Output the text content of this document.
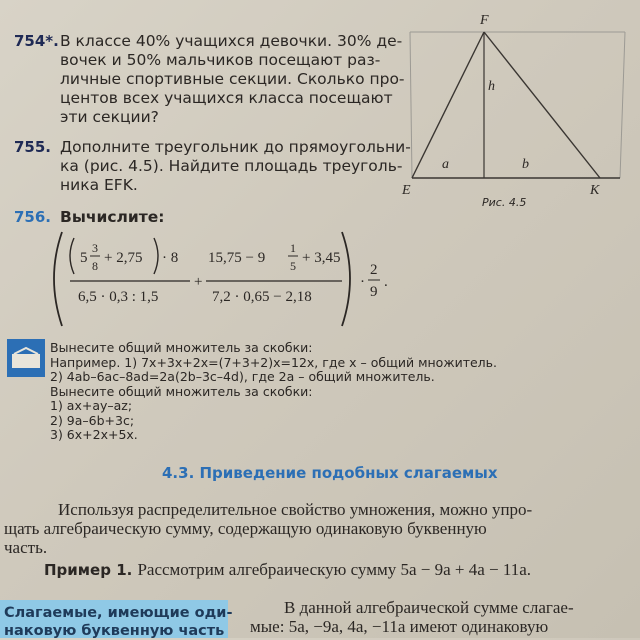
754*. В классе 40% учащихся девочки. 30% де-
вочек и 50% мальчиков посещают раз-
личные спортивные секции. Сколько про-
центов всех учащихся класса посещают
эти секции?
755. Дополните треугольник до прямоугольни-
ка (рис. 4.5). Найдите площадь треуголь-
ника EFK.
F
E	K
h
a	b
Рис. 4.5
756. Вычислите:
5
3
8 + 2,75 · 8
6,5 · 0,3 : 1,5
+
15,75 − 9
1
5 + 3,45
7,2 · 0,65 − 2,18
·
2
9
.
Вынесите общий множитель за скобки:
Например. 1) 7x+3x+2x=(7+3+2)x=12x, где x – общий множитель.
2) 4ab–6ac–8ad=2a(2b–3c–4d), где 2a – общий множитель.
Вынесите общий множитель за скобки:
1) ax+ay–az;
2) 9a–6b+3c;
3) 6x+2x+5x.
4.3. Приведение подобных слагаемых
Используя распределительное свойство умножения, можно упро-
щать алгебраическую сумму, содержащую одинаковую буквенную
часть.
Пример 1. Рассмотрим алгебраическую сумму 5a − 9a + 4a − 11a.
Слагаемые, имеющие оди-
наковую буквенную часть
В данной алгебраической сумме слагае-
мые: 5a, −9a, 4a, −11a имеют одинаковую
